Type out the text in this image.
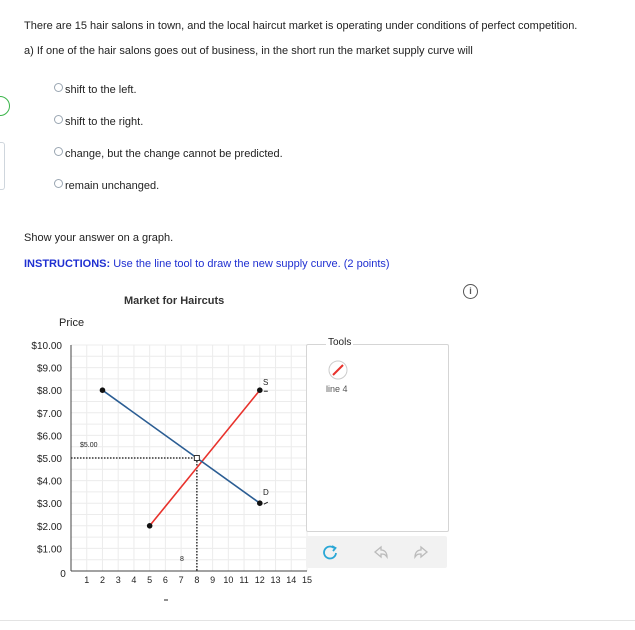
There are 15 hair salons in town, and the local haircut market is operating under conditions of perfect competition.
a) If one of the hair salons goes out of business, in the short run the market supply curve will
shift to the left.
shift to the right.
change, but the change cannot be predicted.
remain unchanged.
Show your answer on a graph.
INSTRUCTIONS: Use the line tool to draw the new supply curve. (2 points)
i
Market for Haircuts
Price
$10.00
$9.00
$8.00
$7.00
$6.00
$5.00
$4.00
$3.00
$2.00
$1.00
1 2 3 4 5 6 7 8 9 10 11 12 13 14 15
0
$5.00
8
S
D
Tools
line 4
